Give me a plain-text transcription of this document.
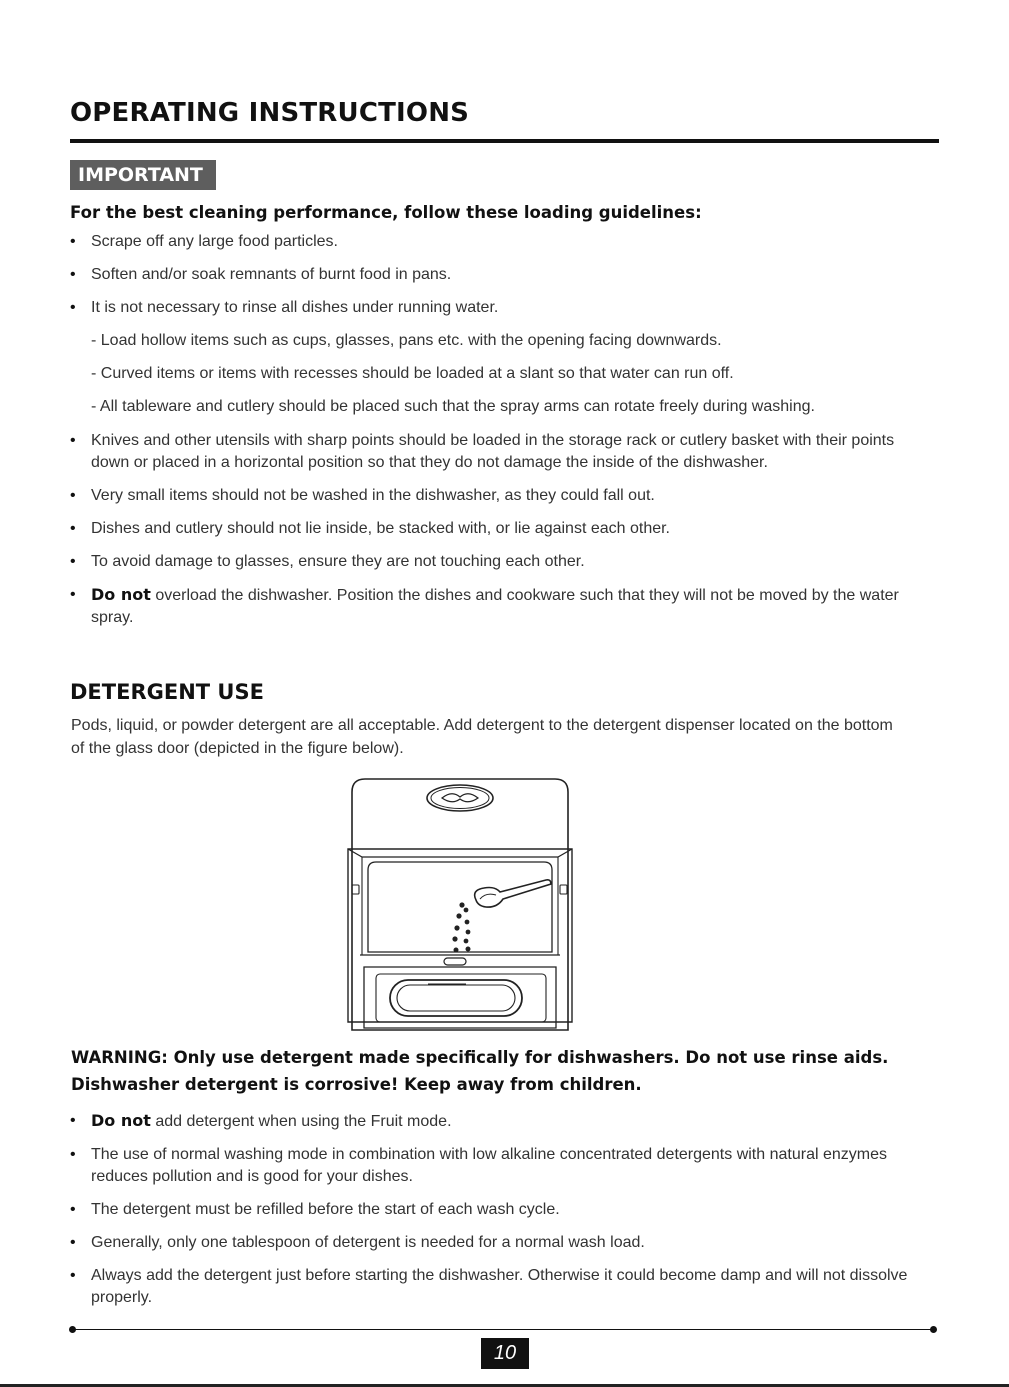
OPERATING INSTRUCTIONS
IMPORTANT

For the best cleaning performance, follow these loading guidelines:

• Scrape off any large food particles.
• Soften and/or soak remnants of burnt food in pans.
• It is not necessary to rinse all dishes under running water.
- Load hollow items such as cups, glasses, pans etc. with the opening facing downwards.
- Curved items or items with recesses should be loaded at a slant so that water can run off.
- All tableware and cutlery should be placed such that the spray arms can rotate freely during washing.
• Knives and other utensils with sharp points should be loaded in the storage rack or cutlery basket with their points down or placed in a horizontal position so that they do not damage the inside of the dishwasher.
• Very small items should not be washed in the dishwasher, as they could fall out.
• Dishes and cutlery should not lie inside, be stacked with, or lie against each other.
• To avoid damage to glasses, ensure they are not touching each other.
• Do not overload the dishwasher. Position the dishes and cookware such that they will not be moved by the water spray.
DETERGENT USE

Pods, liquid, or powder detergent are all acceptable. Add detergent to the detergent dispenser located on the bottom of the glass door (depicted in the figure below).

WARNING: Only use detergent made specifically for dishwashers. Do not use rinse aids.

Dishwasher detergent is corrosive! Keep away from children.

• Do not add detergent when using the Fruit mode.
• The use of normal washing mode in combination with low alkaline concentrated detergents with natural enzymes reduces pollution and is good for your dishes.
• The detergent must be refilled before the start of each wash cycle.
• Generally, only one tablespoon of detergent is needed for a normal wash load.
• Always add the detergent just before starting the dishwasher. Otherwise it could become damp and will not dissolve properly.
10
